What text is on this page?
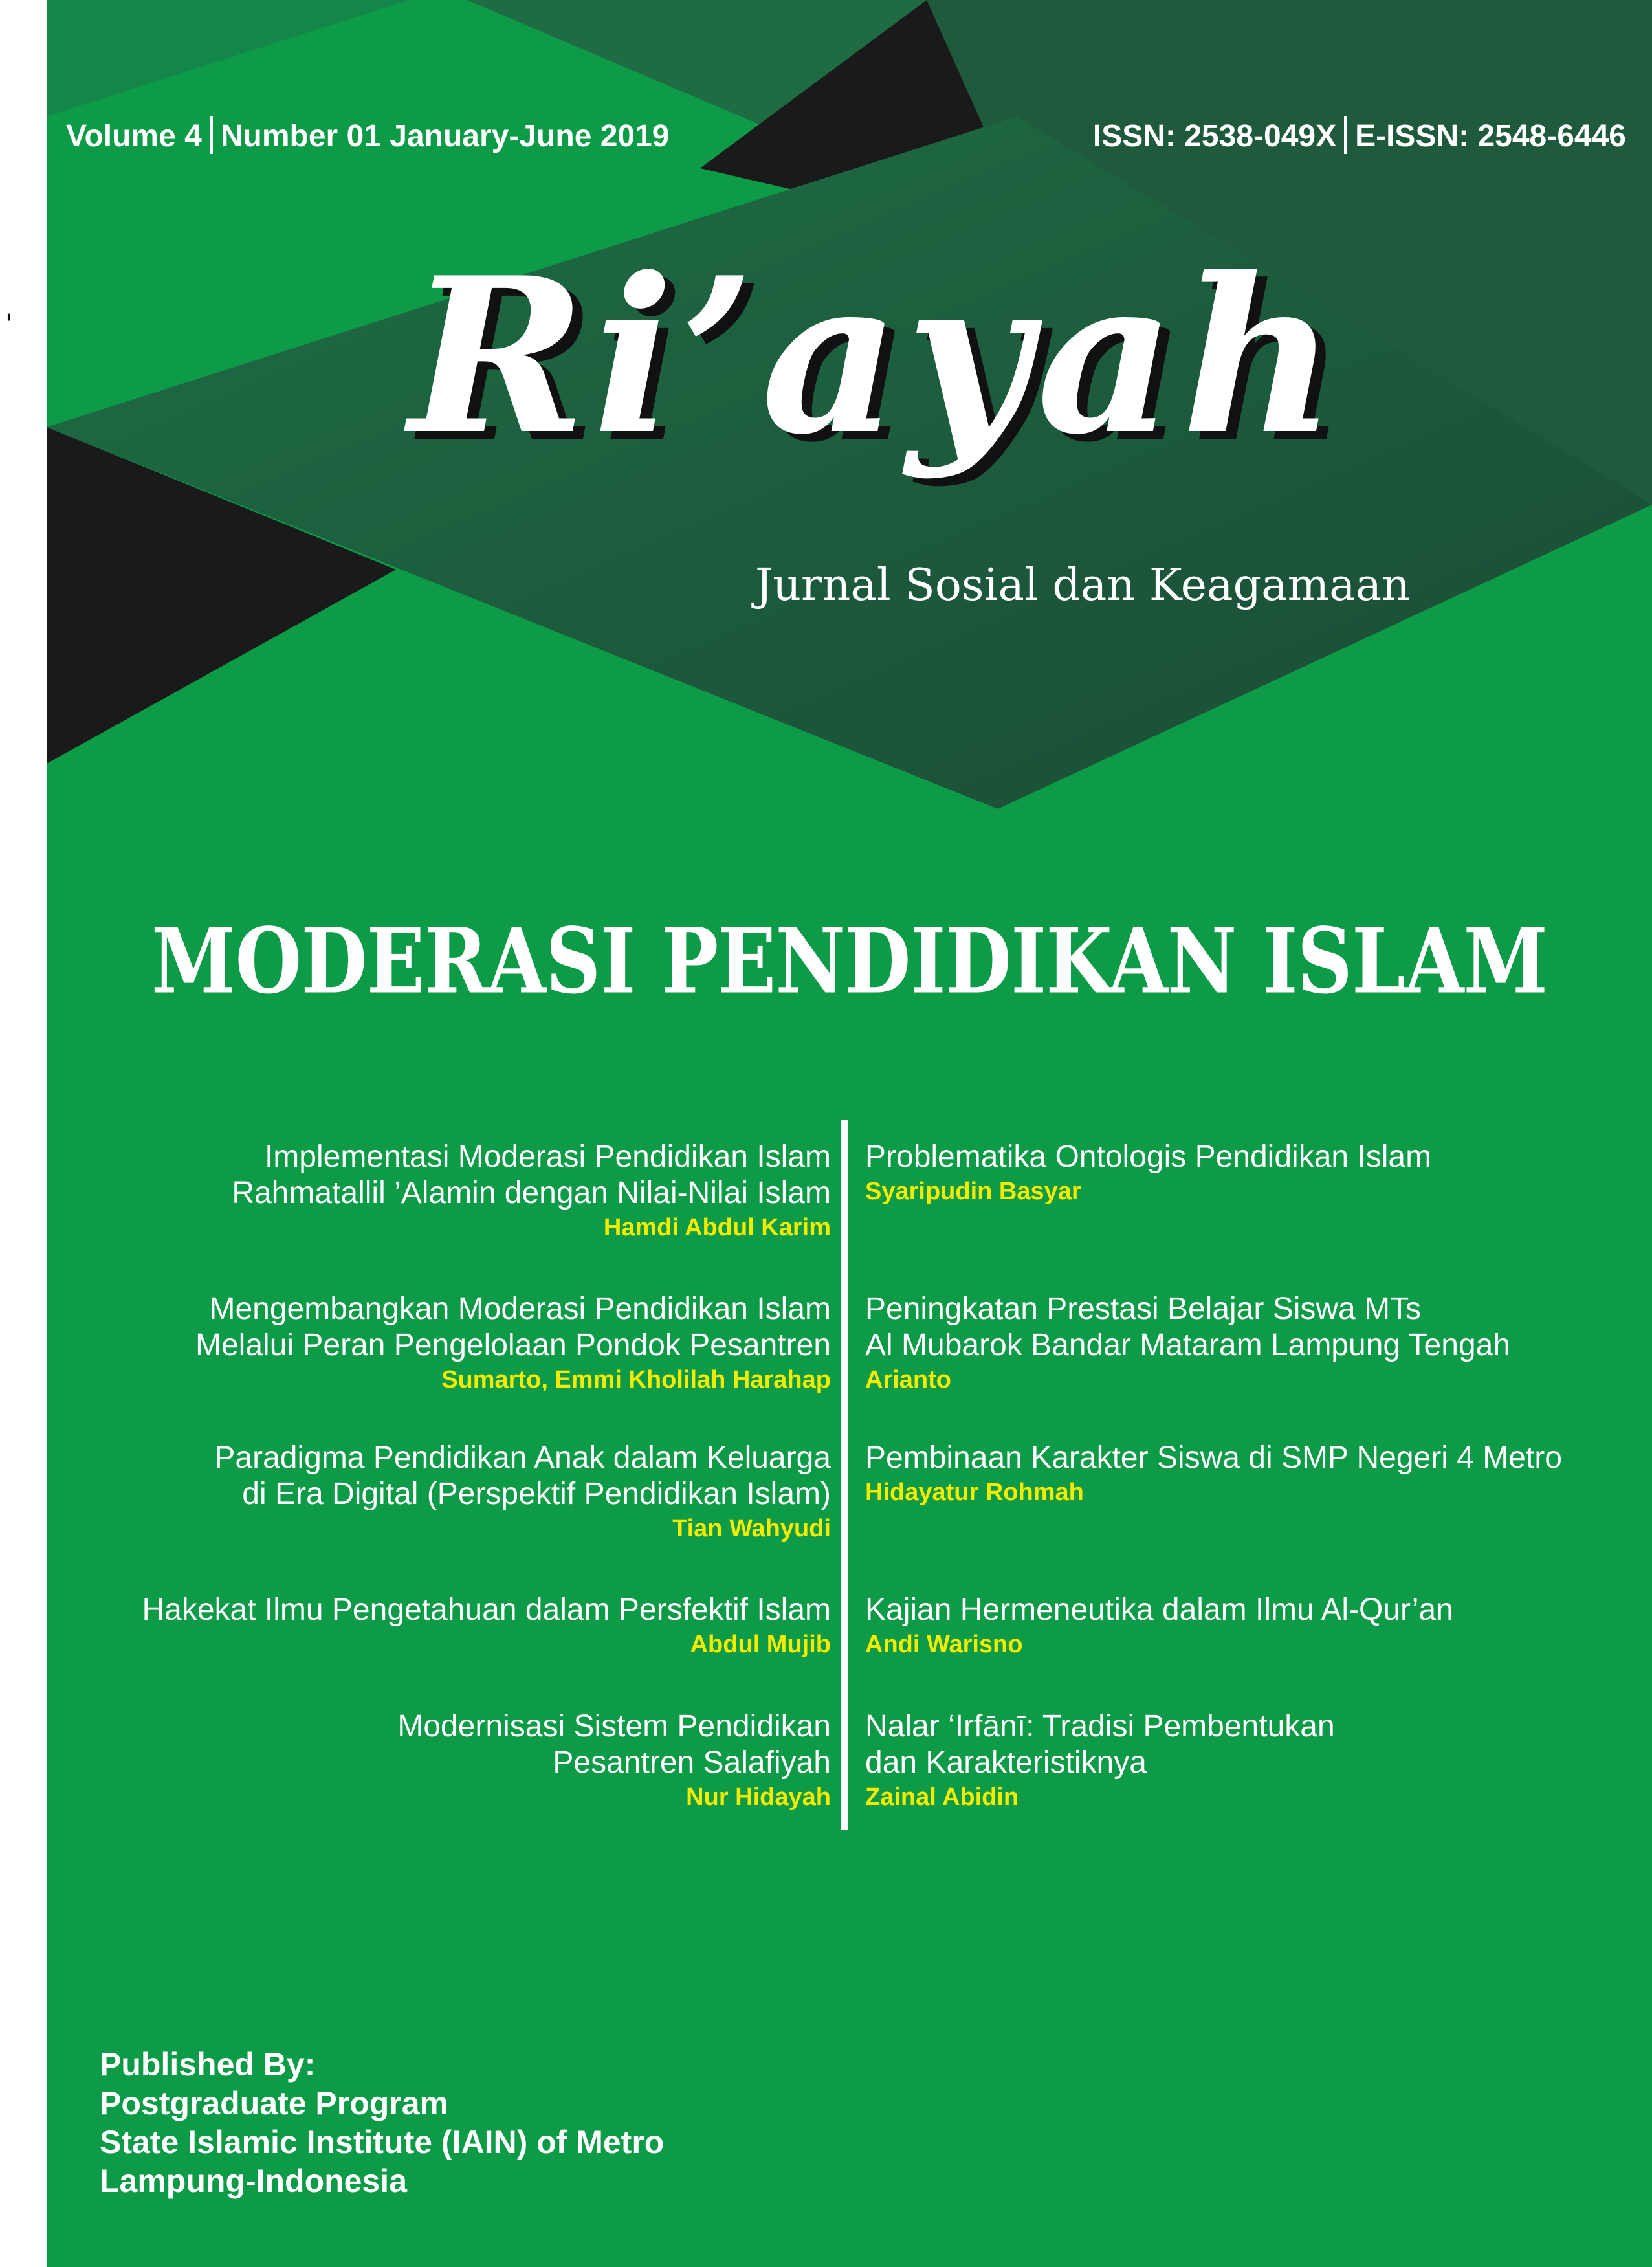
ꞌ
Volume 4 Number 01 January-June 2019	ISSN: 2538-049X E-ISSN: 2548-6446
Ri’ayah
Jurnal Sosial dan Keagamaan
MODERASI PENDIDIKAN ISLAM
Implementasi Moderasi Pendidikan Islam
Rahmatallil ’Alamin dengan Nilai-Nilai Islam
Hamdi Abdul Karim
Mengembangkan Moderasi Pendidikan Islam
Melalui Peran Pengelolaan Pondok Pesantren
Sumarto, Emmi Kholilah Harahap
Paradigma Pendidikan Anak dalam Keluarga
di Era Digital (Perspektif Pendidikan Islam)
Tian Wahyudi
Hakekat Ilmu Pengetahuan dalam Persfektif Islam
Abdul Mujib
Modernisasi Sistem Pendidikan
Pesantren Salafiyah
Nur Hidayah
Problematika Ontologis Pendidikan Islam
Syaripudin Basyar
Peningkatan Prestasi Belajar Siswa MTs
Al Mubarok Bandar Mataram Lampung Tengah
Arianto
Pembinaan Karakter Siswa di SMP Negeri 4 Metro
Hidayatur Rohmah
Kajian Hermeneutika dalam Ilmu Al-Qur’an
Andi Warisno
Nalar ‘Irfānī: Tradisi Pembentukan
dan Karakteristiknya
Zainal Abidin
Published By:
Postgraduate Program
State Islamic Institute (IAIN) of Metro
Lampung-Indonesia
